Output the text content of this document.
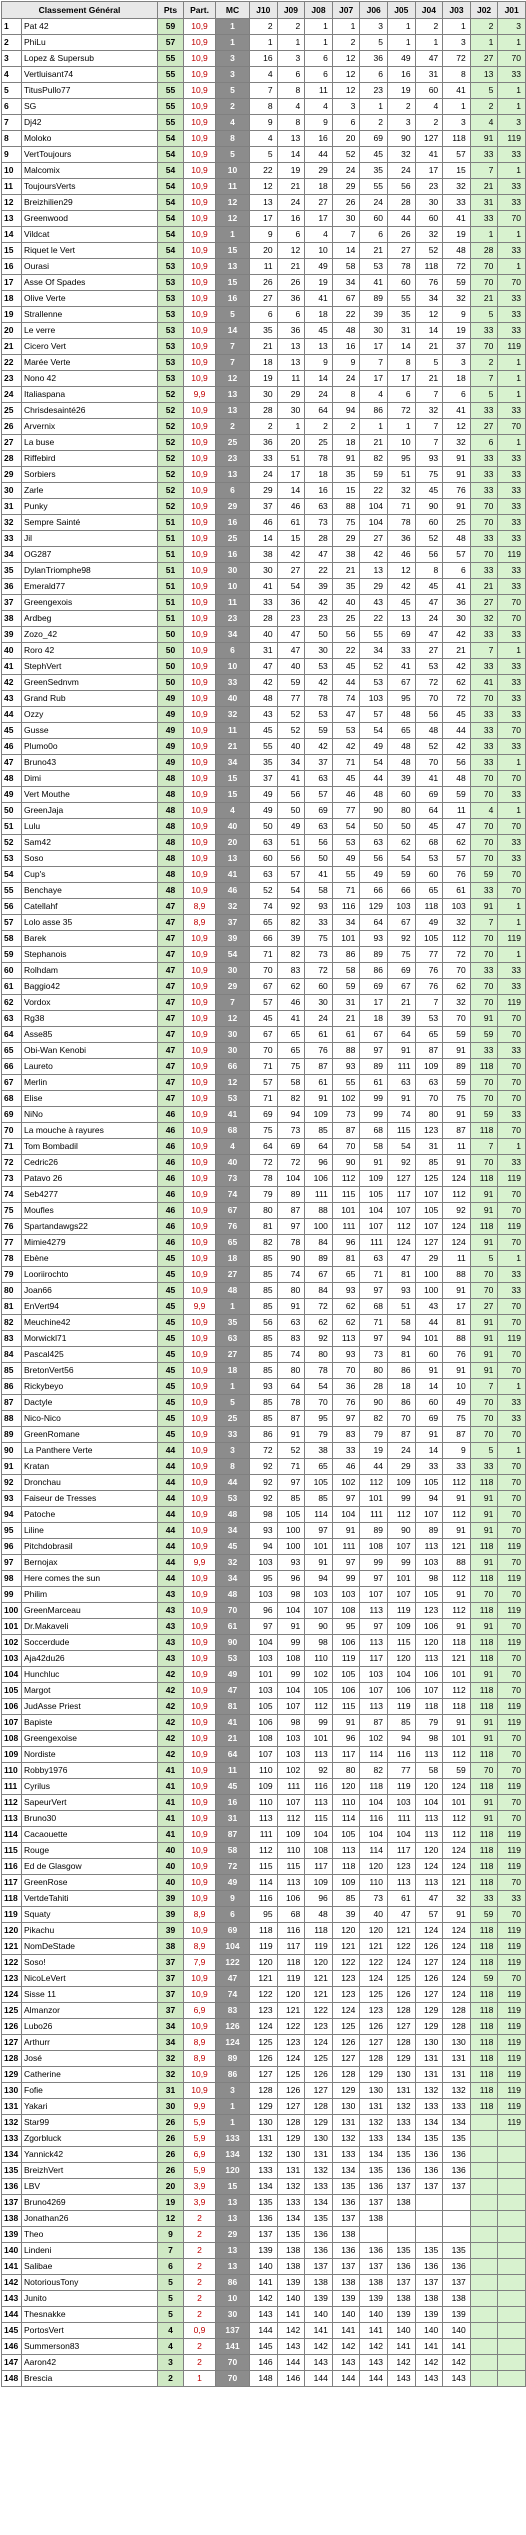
Classement Général		Pts	Part.	MC	J10	J09	J08	J07	J06	J05	J04	J03	J02	J01
1	Pat 42	59	10,9	1	2	2	1	1	3	1	2	1	2	3
2	PhiLu	57	10,9	1	1	1	1	2	5	1	1	3	1	1
3	Lopez & Supersub	55	10,9	3	16	3	6	12	36	49	47	72	27	70
4	Vertluisant74	55	10,9	3	4	6	6	12	6	16	31	8	13	33
5	TitusPullo77	55	10,9	5	7	8	11	12	23	19	60	41	5	1
6	SG	55	10,9	2	8	4	4	3	1	2	4	1	2	1
7	Dj42	55	10,9	4	9	8	9	6	2	3	2	3	4	3
8	Moloko	54	10,9	8	4	13	16	20	69	90	127	118	91	119
9	VertToujours	54	10,9	5	5	14	44	52	45	32	41	57	33	33
10	Malcomix	54	10,9	10	22	19	29	24	35	24	17	15	7	1
11	ToujoursVerts	54	10,9	11	12	21	18	29	55	56	23	32	21	33
12	Breizhilien29	54	10,9	12	13	24	27	26	24	28	30	33	31	33
13	Greenwood	54	10,9	12	17	16	17	30	60	44	60	41	33	70
14	Vildcat	54	10,9	1	9	6	4	7	6	26	32	19	1	1
15	Riquet le Vert	54	10,9	15	20	12	10	14	21	27	52	48	28	33
16	Ourasi	53	10,9	13	11	21	49	58	53	78	118	72	70	1
17	Asse Of Spades	53	10,9	15	26	26	19	34	41	60	76	59	70	70
18	Olive Verte	53	10,9	16	27	36	41	67	89	55	34	32	21	33
19	Strallenne	53	10,9	5	6	6	18	22	39	35	12	9	5	33
20	Le verre	53	10,9	14	35	36	45	48	30	31	14	19	33	33
21	Cicero Vert	53	10,9	7	21	13	13	16	17	14	21	37	70	119
22	Marée Verte	53	10,9	7	18	13	9	9	7	8	5	3	2	1
23	Nono 42	53	10,9	12	19	11	14	24	17	17	21	18	7	1
24	Italiaspana	52	9,9	13	30	29	24	8	4	6	7	6	5	1
25	Chrisdesainté26	52	10,9	13	28	30	64	94	86	72	32	41	33	33
26	Arvernix	52	10,9	2	2	1	2	2	1	1	7	12	27	70
27	La buse	52	10,9	25	36	20	25	18	21	10	7	32	6	1
28	Riffebird	52	10,9	23	33	51	78	91	82	95	93	91	33	33
29	Sorbiers	52	10,9	13	24	17	18	35	59	51	75	91	33	33
30	Zarle	52	10,9	6	29	14	16	15	22	32	45	76	33	33
31	Punky	52	10,9	29	37	46	63	88	104	71	90	91	70	33
32	Sempre Sainté	51	10,9	16	46	61	73	75	104	78	60	25	70	33
33	Jil	51	10,9	25	14	15	28	29	27	36	52	48	33	33
34	OG287	51	10,9	16	38	42	47	38	42	46	56	57	70	119
35	DylanTriomphe98	51	10,9	30	30	27	22	21	13	12	8	6	33	33
36	Emerald77	51	10,9	10	41	54	39	35	29	42	45	41	21	33
37	Greengexois	51	10,9	11	33	36	42	40	43	45	47	36	27	70
38	Ardbeg	51	10,9	23	28	23	23	25	22	13	24	30	32	70
39	Zozo_42	50	10,9	34	40	47	50	56	55	69	47	42	33	33
40	Roro 42	50	10,9	6	31	47	30	22	34	33	27	21	7	1
41	StephVert	50	10,9	10	47	40	53	45	52	41	53	42	33	33
42	GreenSednvm	50	10,9	33	42	59	42	44	53	67	72	62	41	33
43	Grand Rub	49	10,9	40	48	77	78	74	103	95	70	72	70	33
44	Ozzy	49	10,9	32	43	52	53	47	57	48	56	45	33	33
45	Gusse	49	10,9	11	45	52	59	53	54	65	48	44	33	70
46	Plumo0o	49	10,9	21	55	40	42	42	49	48	52	42	33	33
47	Bruno43	49	10,9	34	35	34	37	71	54	48	70	56	33	1
48	Dimi	48	10,9	15	37	41	63	45	44	39	41	48	70	70
49	Vert Mouthe	48	10,9	15	49	56	57	46	48	60	69	59	70	33
50	GreenJaja	48	10,9	4	49	50	69	77	90	80	64	11	4	1
51	Lulu	48	10,9	40	50	49	63	54	50	50	45	47	70	70
52	Sam42	48	10,9	20	63	51	56	53	63	62	68	62	70	33
53	Soso	48	10,9	13	60	56	50	49	56	54	53	57	70	33
54	Cup's	48	10,9	41	63	57	41	55	49	59	60	76	59	70
55	Benchaye	48	10,9	46	52	54	58	71	66	66	65	61	33	70
56	Catellahf	47	8,9	32	74	92	93	116	129	103	118	103	91	1
57	Lolo asse 35	47	8,9	37	65	82	33	34	64	67	49	32	7	1
58	Barek	47	10,9	39	66	39	75	101	93	92	105	112	70	119
59	Stephanois	47	10,9	54	71	82	73	86	89	75	77	72	70	1
60	Rolhdam	47	10,9	30	70	83	72	58	86	69	76	70	33	33
61	Baggio42	47	10,9	29	67	62	60	59	69	67	76	62	70	33
62	Vordox	47	10,9	7	57	46	30	31	17	21	7	32	70	119
63	Rg38	47	10,9	12	45	41	24	21	18	39	53	70	91	70
64	Asse85	47	10,9	30	67	65	61	61	67	64	65	59	59	70
65	Obi-Wan Kenobi	47	10,9	30	70	65	76	88	97	91	87	91	33	33
66	Laureto	47	10,9	66	71	75	87	93	89	111	109	89	118	70
67	Merlin	47	10,9	12	57	58	61	55	61	63	63	59	70	70
68	Elise	47	10,9	53	71	82	91	102	99	91	70	75	70	70
69	NiNo	46	10,9	41	69	94	109	73	99	74	80	91	59	33
70	La mouche à rayures	46	10,9	68	75	73	85	87	68	115	123	87	118	70
71	Tom Bombadil	46	10,9	4	64	69	64	70	58	54	31	11	7	1
72	Cedric26	46	10,9	40	72	72	96	90	91	92	85	91	70	33
73	Patavo 26	46	10,9	73	78	104	106	112	109	127	125	124	118	119
74	Seb4277	46	10,9	74	79	89	111	115	105	117	107	112	91	70
75	Moufles	46	10,9	67	80	87	88	101	104	107	105	92	91	70
76	Spartandawgs22	46	10,9	76	81	97	100	111	107	112	107	124	118	119
77	Mimie4279	46	10,9	65	82	78	84	96	111	124	127	124	91	70
78	Ebène	45	10,9	18	85	90	89	81	63	47	29	11	5	1
79	Looriirochto	45	10,9	27	85	74	67	65	71	81	100	88	70	33
80	Joan66	45	10,9	48	85	80	84	93	97	93	100	91	70	33
81	EnVert94	45	9,9	1	85	91	72	62	68	51	43	17	27	70
82	Meuchine42	45	10,9	35	56	63	62	62	71	58	44	81	91	70
83	Morwickl71	45	10,9	63	85	83	92	113	97	94	101	88	91	119
84	Pascal425	45	10,9	27	85	74	80	93	73	81	60	76	91	70
85	BretonVert56	45	10,9	18	85	80	78	70	80	86	91	91	91	70
86	Rickybeyo	45	10,9	1	93	64	54	36	28	18	14	10	7	1
87	Dactyle	45	10,9	5	85	78	70	76	90	86	60	49	70	33
88	Nico-Nico	45	10,9	25	85	87	95	97	82	70	69	75	70	33
89	GreenRomane	45	10,9	33	86	91	79	83	79	87	91	87	70	70
90	La Panthere Verte	44	10,9	3	72	52	38	33	19	24	14	9	5	1
91	Kratan	44	10,9	8	92	71	65	46	44	29	33	33	33	70
92	Dronchau	44	10,9	44	92	97	105	102	112	109	105	112	118	70
93	Faiseur de Tresses	44	10,9	53	92	85	85	97	101	99	94	91	91	70
94	Patoche	44	10,9	48	98	105	114	104	111	112	107	112	91	70
95	Liline	44	10,9	34	93	100	97	91	89	90	89	91	91	70
96	Pitchdobrasil	44	10,9	45	94	100	101	111	108	107	113	121	118	119
97	Bernojax	44	9,9	32	103	93	91	97	99	99	103	88	91	70
98	Here comes the sun	44	10,9	34	95	96	94	99	97	101	98	112	118	119
99	Philim	43	10,9	48	103	98	103	103	107	107	105	91	70	70
100	GreenMarceau	43	10,9	70	96	104	107	108	113	119	123	112	118	119
101	Dr.Makaveli	43	10,9	61	97	91	90	95	97	109	106	91	91	70
102	Soccerdude	43	10,9	90	104	99	98	106	113	115	120	118	118	119
103	Aja42du26	43	10,9	53	103	108	110	119	117	120	113	121	118	70
104	Hunchluc	42	10,9	49	101	99	102	105	103	104	106	101	91	70
105	Margot	42	10,9	47	103	104	105	106	107	106	107	112	118	70
106	JudAsse Priest	42	10,9	81	105	107	112	115	113	119	118	118	118	119
107	Bapiste	42	10,9	41	106	98	99	91	87	85	79	91	91	119
108	Greengexoise	42	10,9	21	108	103	101	96	102	94	98	101	91	70
109	Nordiste	42	10,9	64	107	103	113	117	114	116	113	112	118	70
110	Robby1976	41	10,9	11	110	102	92	80	82	77	58	59	70	70
111	Cyrilus	41	10,9	45	109	111	116	120	118	119	120	124	118	119
112	SapeurVert	41	10,9	16	110	107	113	110	104	103	104	101	91	70
113	Bruno30	41	10,9	31	113	112	115	114	116	111	113	112	91	70
114	Cacaouette	41	10,9	87	111	109	104	105	104	104	113	112	118	119
115	Rouge	40	10,9	58	112	110	108	113	114	117	120	124	118	119
116	Ed de Glasgow	40	10,9	72	115	115	117	118	120	123	124	124	118	119
117	GreenRose	40	10,9	49	114	113	109	109	110	113	113	121	118	70
118	VertdeTahiti	39	10,9	9	116	106	96	85	73	61	47	32	33	33
119	Squaty	39	8,9	6	95	68	48	39	40	47	57	91	59	70
120	Pikachu	39	10,9	69	118	116	118	120	120	121	124	124	118	119
121	NomDeStade	38	8,9	104	119	117	119	121	121	122	126	124	118	119
122	Soso!	37	7,9	122	120	118	120	122	122	124	127	124	118	119
123	NicoLeVert	37	10,9	47	121	119	121	123	124	125	126	124	59	70
124	Sisse 11	37	10,9	74	122	120	121	123	125	126	127	124	118	119
125	Almanzor	37	6,9	83	123	121	122	124	123	128	129	128	118	119
126	Lubo26	34	10,9	126	124	122	123	125	126	127	129	128	118	119
127	Arthurr	34	8,9	124	125	123	124	126	127	128	130	130	118	119
128	José	32	8,9	89	126	124	125	127	128	129	131	131	118	119
129	Catherine	32	10,9	86	127	125	126	128	129	130	131	131	118	119
130	Fofie	31	10,9	3	128	126	127	129	130	131	132	132	118	119
131	Yakari	30	9,9	1	129	127	128	130	131	132	133	133	118	119
132	Star99	26	5,9	1	130	128	129	131	132	133	134	134		119
133	Zgorbluck	26	5,9	133	131	129	130	132	133	134	135	135		
134	Yannick42	26	6,9	134	132	130	131	133	134	135	136	136		
135	BreizhVert	26	5,9	120	133	131	132	134	135	136	136	136		
136	LBV	20	3,9	15	134	132	133	135	136	137	137	137		
137	Bruno4269	19	3,9	13	135	133	134	136	137	138				
138	Jonathan26	12	2	13	136	134	135	137	138					
139	Theo	9	2	29	137	135	136	138						
140	Lindeni	7	2	13	139	138	136	136	136	135	135	135		
141	Salibae	6	2	13	140	138	137	137	137	136	136	136		
142	NotoriousTony	5	2	86	141	139	138	138	138	137	137	137		
143	Junito	5	2	10	142	140	139	139	139	138	138	138		
144	Thesnakke	5	2	30	143	141	140	140	140	139	139	139		
145	PortosVert	4	0,9	137	144	142	141	141	141	140	140	140		
146	Summerson83	4	2	141	145	143	142	142	142	141	141	141		
147	Aaron42	3	2	70	146	144	143	143	143	142	142	142		
148	Brescia	2	1	70	148	146	144	144	144	143	143	143		
